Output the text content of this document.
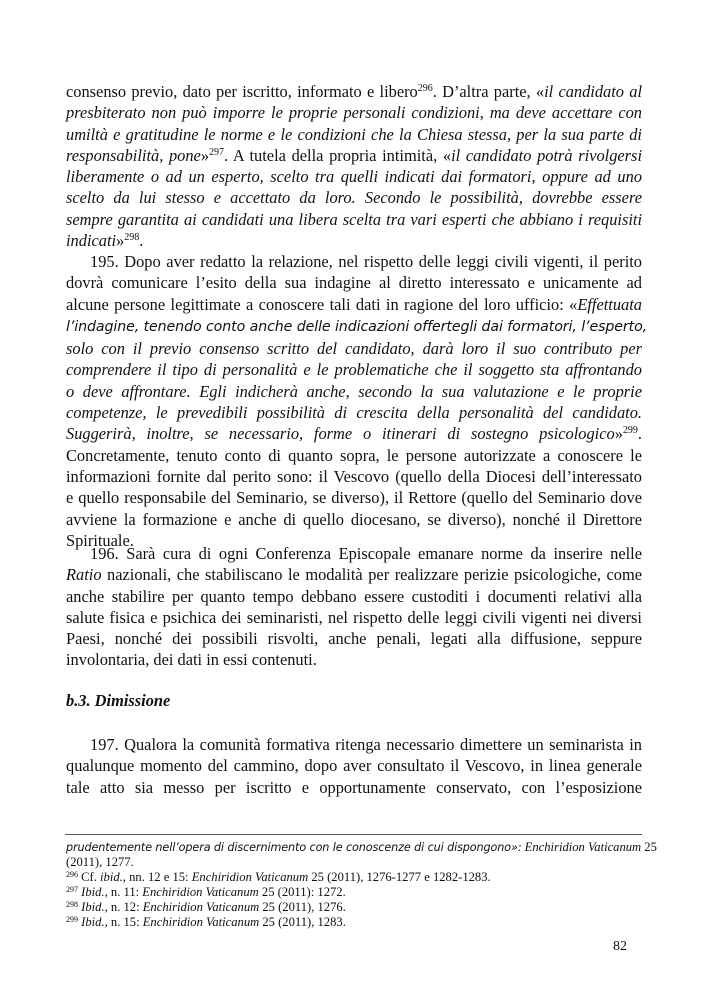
consenso previo, dato per iscritto, informato e libero$^{296}$. D’altra parte, «il candidato al
presbiterato non può imporre le proprie personali condizioni, ma deve accettare con
umiltà e gratitudine le norme e le condizioni che la Chiesa stessa, per la sua parte di
responsabilità, pone»$^{297}$. A tutela della propria intimità, «il candidato potrà rivolgersi
liberamente o ad un esperto, scelto tra quelli indicati dai formatori, oppure ad uno
scelto da lui stesso e accettato da loro. Secondo le possibilità, dovrebbe essere
sempre garantita ai candidati una libera scelta tra vari esperti che abbiano i requisiti
indicati»$^{298}$.
195. Dopo aver redatto la relazione, nel rispetto delle leggi civili vigenti, il perito
dovrà comunicare l’esito della sua indagine al diretto interessato e unicamente ad
alcune persone legittimate a conoscere tali dati in ragione del loro ufficio: «Effettuata
l’indagine, tenendo conto anche delle indicazioni offertegli dai formatori, l’esperto,
solo con il previo consenso scritto del candidato, darà loro il suo contributo per
comprendere il tipo di personalità e le problematiche che il soggetto sta affrontando
o deve affrontare. Egli indicherà anche, secondo la sua valutazione e le proprie
competenze, le prevedibili possibilità di crescita della personalità del candidato.
Suggerirà, inoltre, se necessario, forme o itinerari di sostegno psicologico»$^{299}$.
Concretamente, tenuto conto di quanto sopra, le persone autorizzate a conoscere le
informazioni fornite dal perito sono: il Vescovo (quello della Diocesi dell’interessato
e quello responsabile del Seminario, se diverso), il Rettore (quello del Seminario dove
avviene la formazione e anche di quello diocesano, se diverso), nonché il Direttore
Spirituale.
196. Sarà cura di ogni Conferenza Episcopale emanare norme da inserire nelle
Ratio nazionali, che stabiliscano le modalità per realizzare perizie psicologiche, come
anche stabilire per quanto tempo debbano essere custoditi i documenti relativi alla
salute fisica e psichica dei seminaristi, nel rispetto delle leggi civili vigenti nei diversi
Paesi, nonché dei possibili risvolti, anche penali, legati alla diffusione, seppure
involontaria, dei dati in essi contenuti.
b.3. Dimissione
197. Qualora la comunità formativa ritenga necessario dimettere un seminarista in
qualunque momento del cammino, dopo aver consultato il Vescovo, in linea generale
tale atto sia messo per iscritto e opportunamente conservato, con l’esposizione
prudentemente nell’opera di discernimento con le conoscenze di cui dispongono»: Enchiridion Vaticanum 25
(2011), 1277.
$^{296}$ Cf. ibid., nn. 12 e 15: Enchiridion Vaticanum 25 (2011), 1276-1277 e 1282-1283.
$^{297}$ Ibid., n. 11: Enchiridion Vaticanum 25 (2011): 1272.
$^{298}$ Ibid., n. 12: Enchiridion Vaticanum 25 (2011), 1276.
$^{299}$ Ibid., n. 15: Enchiridion Vaticanum 25 (2011), 1283.
82
